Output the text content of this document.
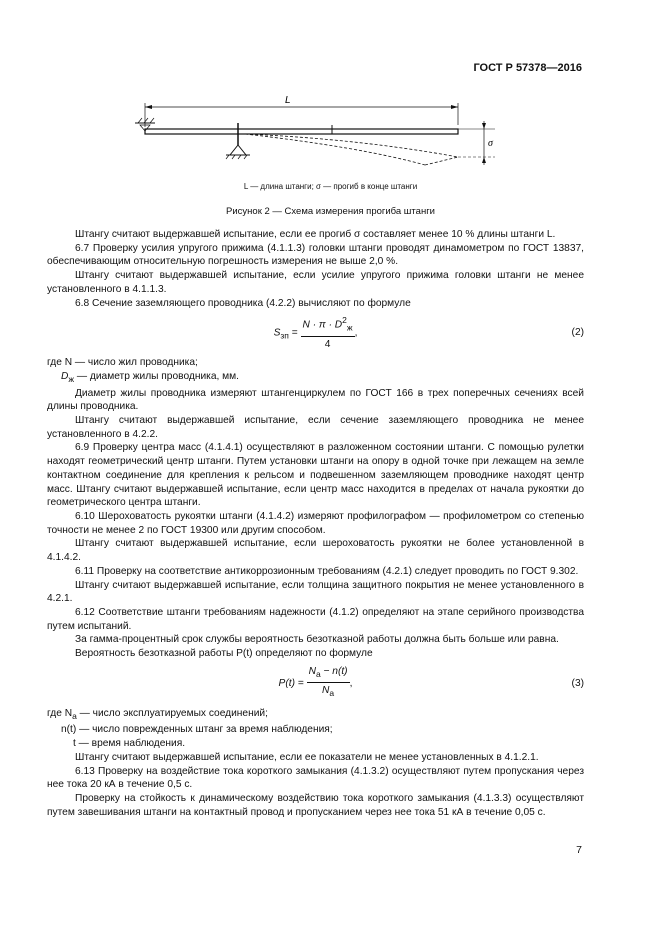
ГОСТ Р 57378—2016
L
σ
L — длина штанги; σ — прогиб в конце штанги
Рисунок 2 — Схема измерения прогиба штанги

Штангу считают выдержавшей испытание, если ее прогиб σ составляет менее 10 % длины штанги L.

6.7 Проверку усилия упругого прижима (4.1.1.3) головки штанги проводят динамометром по ГОСТ 13837, обеспечивающим относительную погрешность измерения не выше 2,0 %.

Штангу считают выдержавшей испытание, если усилие упругого прижима головки штанги не менее установленного в 4.1.1.3.

6.8 Сечение заземляющего проводника (4.2.2) вычисляют по формуле

$S_{зп}$ =
$N \cdot \pi \cdot D^2_ж$
4
,	(2)

где N — число жил проводника;

$D_ж$ — диаметр жилы проводника, мм.

Диаметр жилы проводника измеряют штангенциркулем по ГОСТ 166 в трех поперечных сечениях всей длины проводника.

Штангу считают выдержавшей испытание, если сечение заземляющего проводника не менее установленного в 4.2.2.

6.9 Проверку центра масс (4.1.4.1) осуществляют в разложенном состоянии штанги. С помощью рулетки находят геометрический центр штанги. Путем установки штанги на опору в одной точке при лежащем на земле контактном соединение для крепления к рельсом и подвешенном заземляющем проводнике находят центр масс. Штангу считают выдержавшей испытание, если центр масс находится в пределах от начала рукоятки до геометрического центра штанги.

6.10 Шероховатость рукоятки штанги (4.1.4.2) измеряют профилографом — профилометром со степенью точности не менее 2 по ГОСТ 19300 или другим способом.

Штангу считают выдержавшей испытание, если шероховатость рукоятки не более установленной в 4.1.4.2.

6.11 Проверку на соответствие антикоррозионным требованиям (4.2.1) следует проводить по ГОСТ 9.302.

Штангу считают выдержавшей испытание, если толщина защитного покрытия не менее установленного в 4.2.1.

6.12 Соответствие штанги требованиям надежности (4.1.2) определяют на этапе серийного производства путем испытаний.

За гамма-процентный срок службы вероятность безотказной работы должна быть больше или равна.

Вероятность безотказной работы P(t) определяют по формуле

$P(t) = \frac{N_a - n(t)}{N_a}$ ,	(3)

где $N_a$ — число эксплуатируемых соединений;

n(t) — число поврежденных штанг за время наблюдения;

t — время наблюдения.

Штангу считают выдержавшей испытание, если ее показатели не менее установленных в 4.1.2.1.

6.13 Проверку на воздействие тока короткого замыкания (4.1.3.2) осуществляют путем пропускания через нее тока 20 кА в течение 0,5 с.

Проверку на стойкость к динамическому воздействию тока короткого замыкания (4.1.3.3) осуществляют путем завешивания штанги на контактный провод и пропусканием через нее тока 51 кА в течение 0,05 с.

7
